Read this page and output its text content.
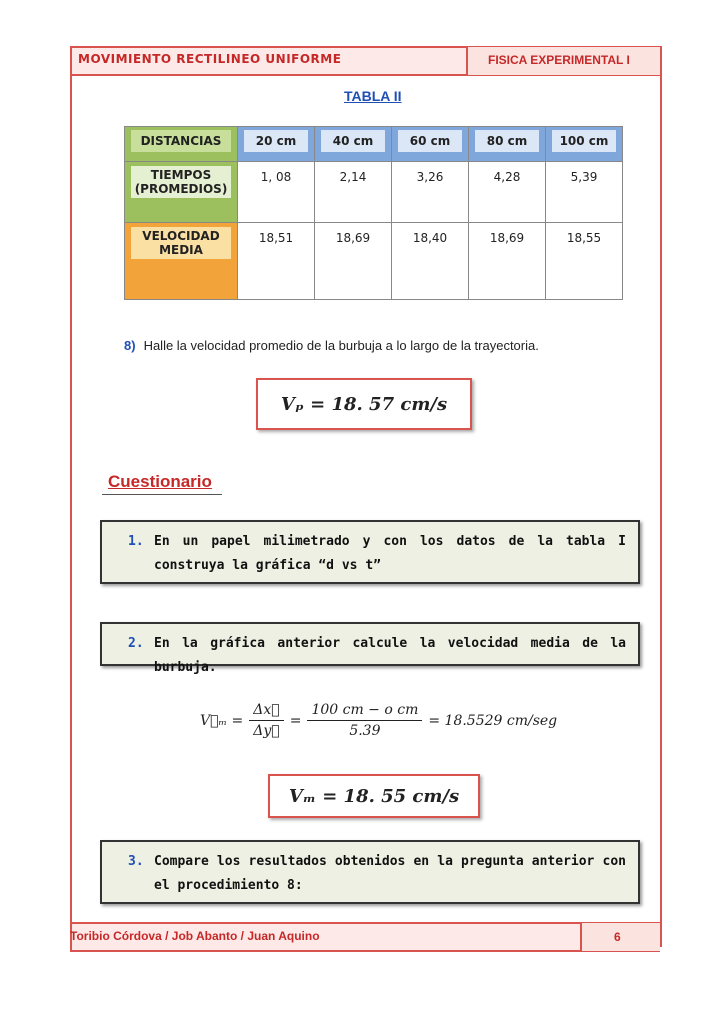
MOVIMIENTO RECTILINEO UNIFORME	FISICA EXPERIMENTAL I
TABLA II
DISTANCIAS	20 cm	40 cm	60 cm	80 cm	100 cm

TIEMPOS
(PROMEDIOS)	1, 08	2,14	3,26	4,28	5,39

VELOCIDAD
MEDIA	18,51	18,69	18,40	18,69	18,55
8) Halle la velocidad promedio de la burbuja a lo largo de la trayectoria.
Vₚ = 18. 57 cm/s
Cuestionario
1. En un papel milimetrado y con los datos de la tabla I construya la gráfica “d vs t”
2. En la gráfica anterior calcule la velocidad media de la burbuja.
V⃗ₘ = $\frac{\Delta x⃗}{\Delta y⃗} = \frac{\text{100 cm − o cm}}{5.39} = 18.5529$ cm/seg
Vₘ = 18. 55 cm/s
3. Compare los resultados obtenidos en la pregunta anterior con el procedimiento 8:
Toribio Córdova / Job Abanto / Juan Aquino	6
